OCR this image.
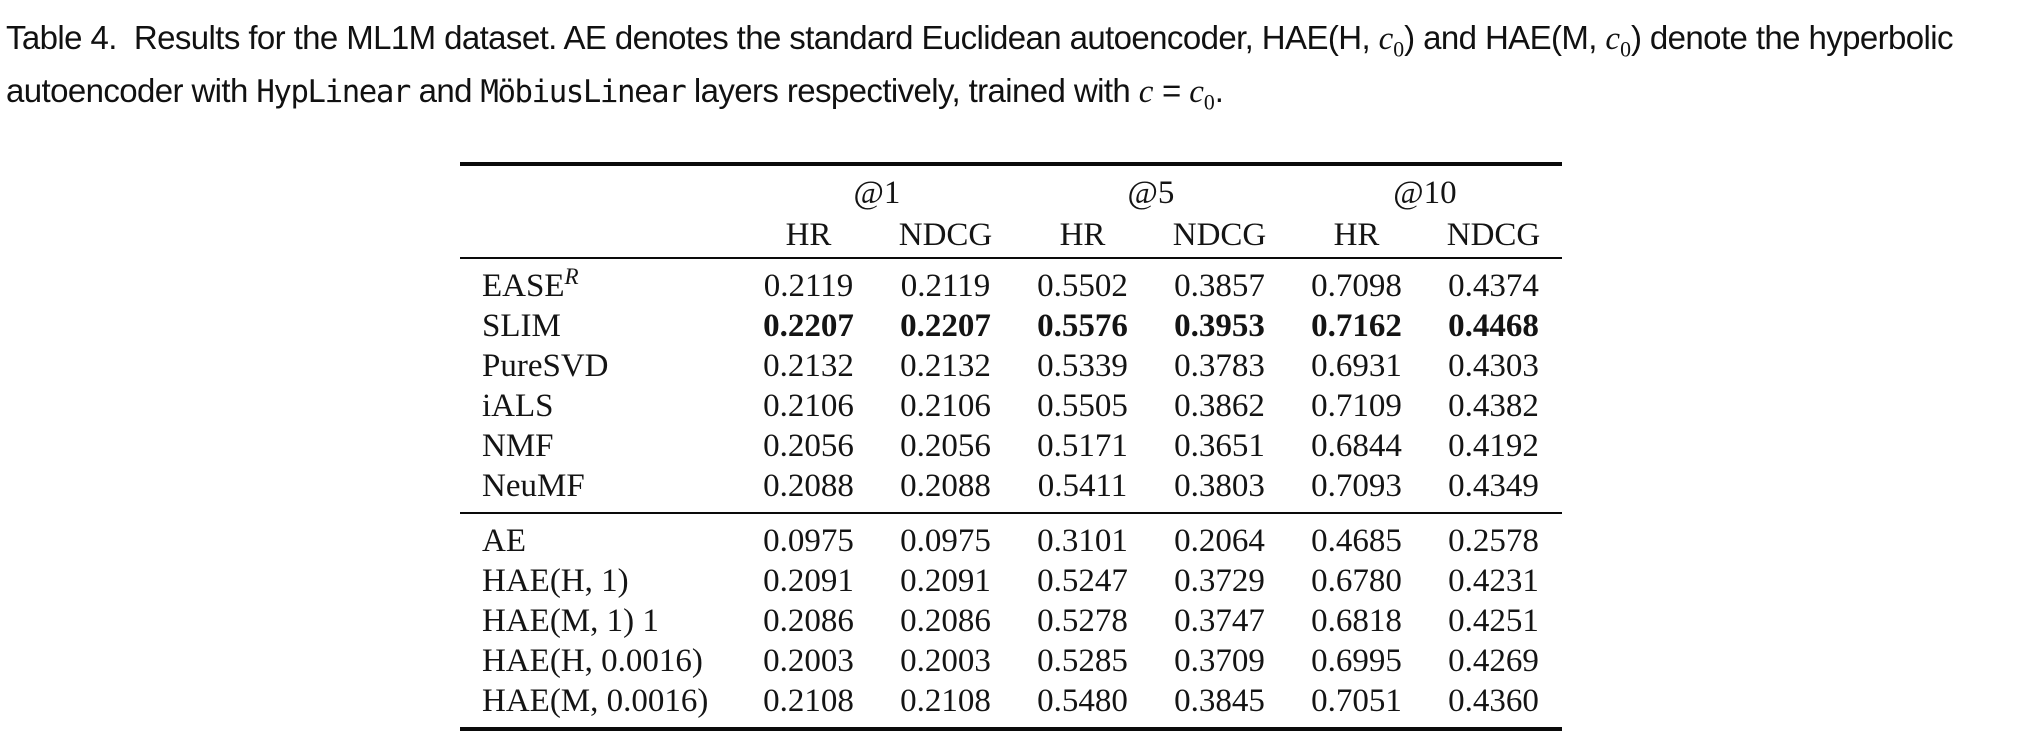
Table 4.  Results for the ML1M dataset. AE denotes the standard Euclidean autoencoder, HAE(H, $c_0$) and HAE(M, $c_0$) denote the hyperbolic autoencoder with HypLinear and MöbiusLinear layers respectively, trained with $c = c_0$.

	@1		@5		@10	
	HR	NDCG	HR	NDCG	HR	NDCG
$EASE^R$	0.2119	0.2119	0.5502	0.3857	0.7098	0.4374
SLIM	0.2207	0.2207	0.5576	0.3953	0.7162	0.4468
PureSVD	0.2132	0.2132	0.5339	0.3783	0.6931	0.4303
iALS	0.2106	0.2106	0.5505	0.3862	0.7109	0.4382
NMF	0.2056	0.2056	0.5171	0.3651	0.6844	0.4192
NeuMF	0.2088	0.2088	0.5411	0.3803	0.7093	0.4349
AE	0.0975	0.0975	0.3101	0.2064	0.4685	0.2578
HAE(H, 1)	0.2091	0.2091	0.5247	0.3729	0.6780	0.4231
HAE(M, 1) 1	0.2086	0.2086	0.5278	0.3747	0.6818	0.4251
HAE(H, 0.0016)	0.2003	0.2003	0.5285	0.3709	0.6995	0.4269
HAE(M, 0.0016)	0.2108	0.2108	0.5480	0.3845	0.7051	0.4360
